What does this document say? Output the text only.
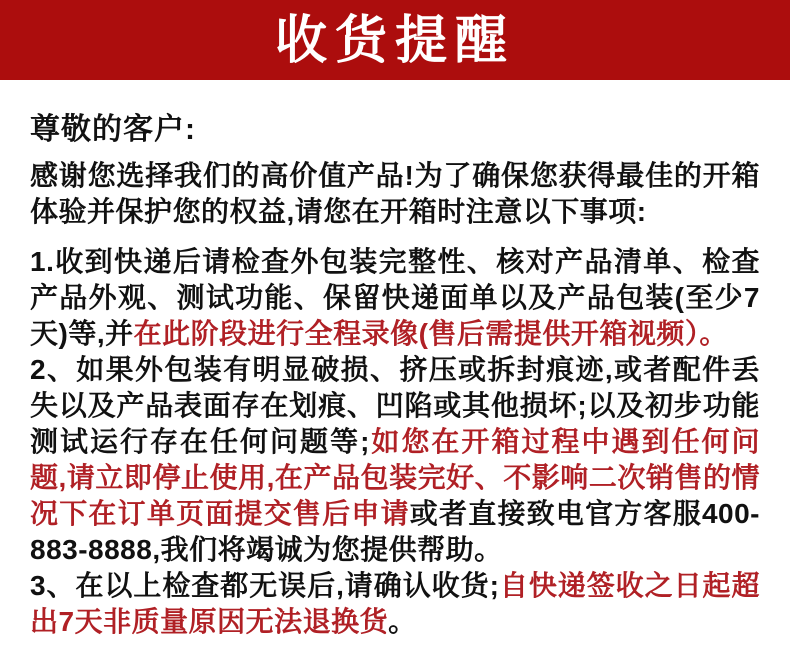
收货提醒

尊敬的客户:

感谢您选择我们的高价值产品!为了确保您获得最佳的开箱体验并保护您的权益,请您在开箱时注意以下事项:

1.收到快递后请检查外包装完整性、核对产品清单、检查产品外观、测试功能、保留快递面单以及产品包装(至少7天)等,并在此阶段进行全程录像(售后需提供开箱视频）。

2、如果外包装有明显破损、挤压或拆封痕迹,或者配件丢失以及产品表面存在划痕、凹陷或其他损坏;以及初步功能测试运行存在任何问题等;如您在开箱过程中遇到任何问题,请立即停止使用,在产品包装完好、不影响二次销售的情况下在订单页面提交售后申请或者直接致电官方客服400-883-8888,我们将竭诚为您提供帮助。

3、在以上检查都无误后,请确认收货;自快递签收之日起超出7天非质量原因无法退换货。
